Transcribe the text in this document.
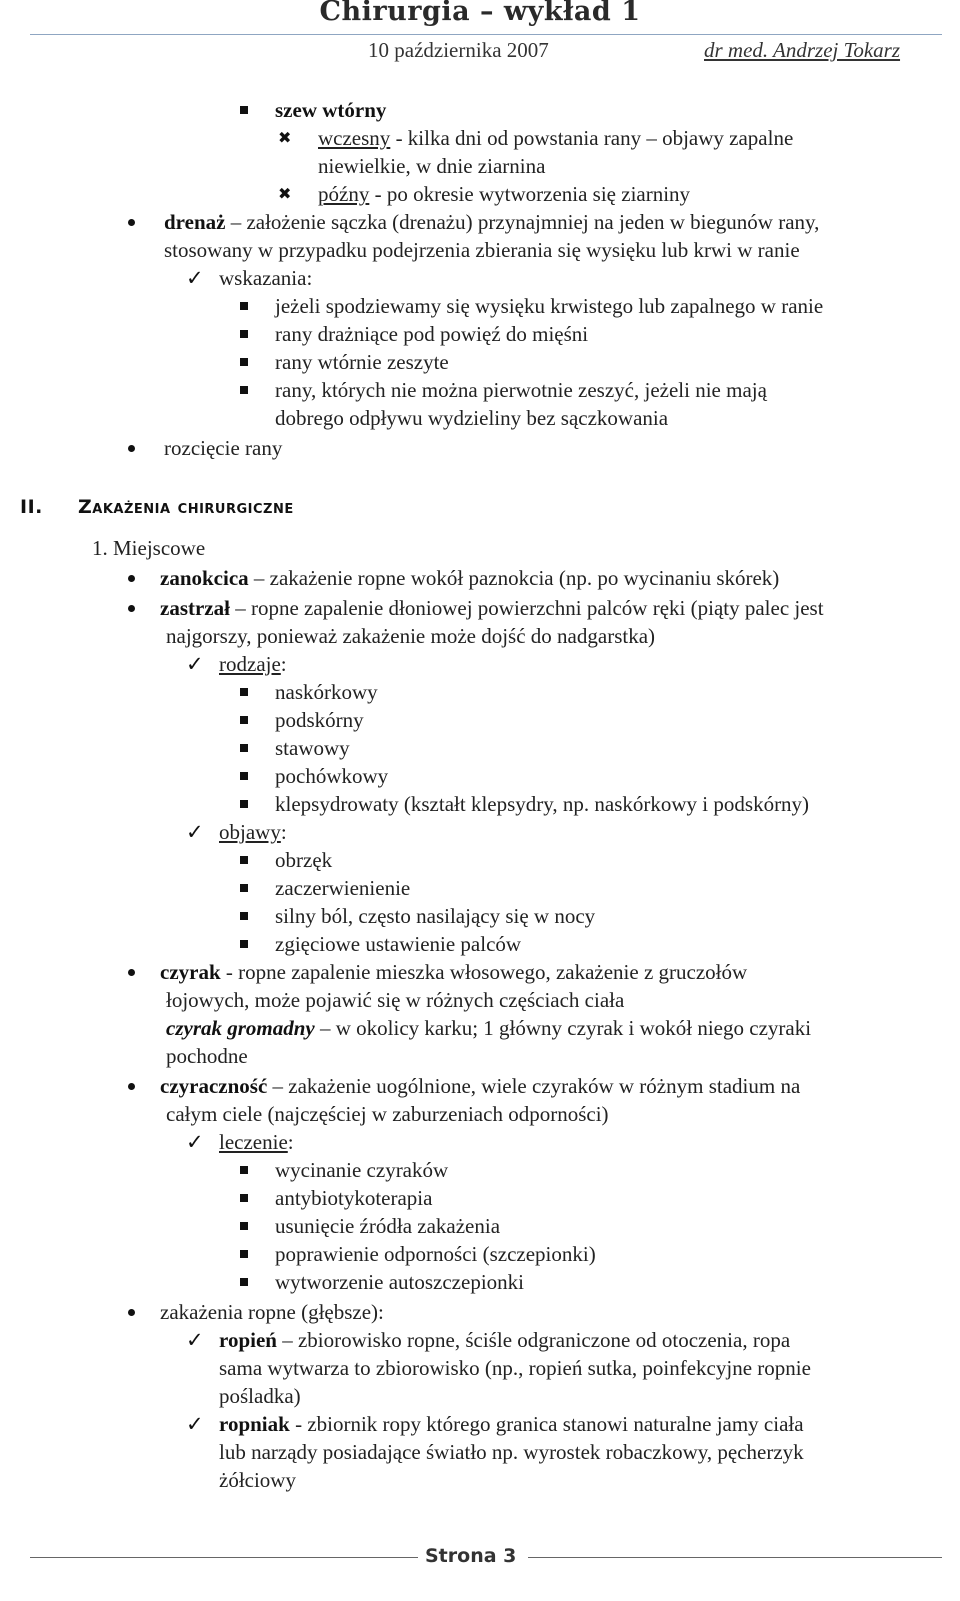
Chirurgia – wykład 1
10 października 2007	dr med. Andrzej Tokarz
szew wtórny
✖ wczesny - kilka dni od powstania rany – objawy zapalne
niewielkie, w dnie ziarnina
✖ późny - po okresie wytworzenia się ziarniny
drenaż – założenie sączka (drenażu) przynajmniej na jeden w biegunów rany,
stosowany w przypadku podejrzenia zbierania się wysięku lub krwi w ranie
✓ wskazania:
jeżeli spodziewamy się wysięku krwistego lub zapalnego w ranie
rany drażniące pod powięź do mięśni
rany wtórnie zeszyte
rany, których nie można pierwotnie zeszyć, jeżeli nie mają
dobrego odpływu wydzieliny bez sączkowania
rozcięcie rany
1. Miejscowe
zanokcica – zakażenie ropne wokół paznokcia (np. po wycinaniu skórek)
zastrzał – ropne zapalenie dłoniowej powierzchni palców ręki (piąty palec jest
najgorszy, ponieważ zakażenie może dojść do nadgarstka)
✓ rodzaje:
naskórkowy
podskórny
stawowy
pochówkowy
klepsydrowaty (kształt klepsydry, np. naskórkowy i podskórny)
✓ objawy:
obrzęk
zaczerwienienie
silny ból, często nasilający się w nocy
zgięciowe ustawienie palców
czyrak - ropne zapalenie mieszka włosowego, zakażenie z gruczołów
łojowych, może pojawić się w różnych częściach ciała
czyrak gromadny – w okolicy karku; 1 główny czyrak i wokół niego czyraki
pochodne
czyraczność – zakażenie uogólnione, wiele czyraków w różnym stadium na
całym ciele (najczęściej w zaburzeniach odporności)
✓ leczenie:
wycinanie czyraków
antybiotykoterapia
usunięcie źródła zakażenia
poprawienie odporności (szczepionki)
wytworzenie autoszczepionki
zakażenia ropne (głębsze):
✓ ropień – zbiorowisko ropne, ściśle odgraniczone od otoczenia, ropa
sama wytwarza to zbiorowisko (np., ropień sutka, poinfekcyjne ropnie
pośladka)
✓ ropniak - zbiornik ropy którego granica stanowi naturalne jamy ciała
lub narządy posiadające światło np. wyrostek robaczkowy, pęcherzyk
żółciowy
II. Zakażenia chirurgiczne
Strona 3
